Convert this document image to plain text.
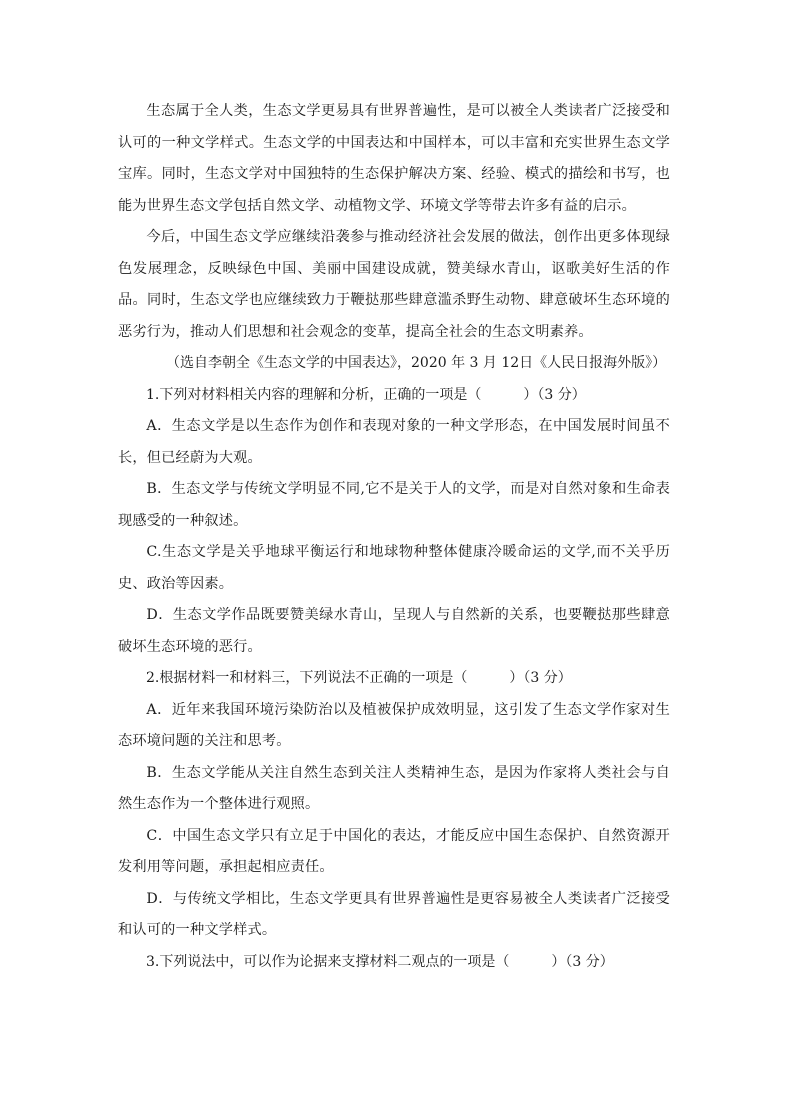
生态属于全人类，生态文学更易具有世界普遍性，是可以被全人类读者广泛接受和认可的一种文学样式。生态文学的中国表达和中国样本，可以丰富和充实世界生态文学宝库。同时，生态文学对中国独特的生态保护解决方案、经验、模式的描绘和书写，也能为世界生态文学包括自然文学、动植物文学、环境文学等带去许多有益的启示。

今后，中国生态文学应继续沿袭参与推动经济社会发展的做法，创作出更多体现绿色发展理念，反映绿色中国、美丽中国建设成就，赞美绿水青山，讴歌美好生活的作品。同时，生态文学也应继续致力于鞭挞那些肆意滥杀野生动物、肆意破坏生态环境的恶劣行为，推动人们思想和社会观念的变革，提高全社会的生态文明素养。

（选自李朝全《生态文学的中国表达》，2020 年 3 月 12日《人民日报海外版》）

1.下列对材料相关内容的理解和分析，正确的一项是（　　　）（3 分）

A．生态文学是以生态作为创作和表现对象的一种文学形态，在中国发展时间虽不长，但已经蔚为大观。

B．生态文学与传统文学明显不同,它不是关于人的文学，而是对自然对象和生命表现感受的一种叙述。

C.生态文学是关乎地球平衡运行和地球物种整体健康冷暖命运的文学,而不关乎历史、政治等因素。

D．生态文学作品既要赞美绿水青山，呈现人与自然新的关系，也要鞭挞那些肆意破坏生态环境的恶行。

2.根据材料一和材料三，下列说法不正确的一项是（　　　）（3 分）

A．近年来我国环境污染防治以及植被保护成效明显，这引发了生态文学作家对生态环境问题的关注和思考。

B．生态文学能从关注自然生态到关注人类精神生态，是因为作家将人类社会与自然生态作为一个整体进行观照。

C．中国生态文学只有立足于中国化的表达，才能反应中国生态保护、自然资源开发利用等问题，承担起相应责任。

D．与传统文学相比，生态文学更具有世界普遍性是更容易被全人类读者广泛接受和认可的一种文学样式。

3.下列说法中，可以作为论据来支撑材料二观点的一项是（　　　）（3 分）
